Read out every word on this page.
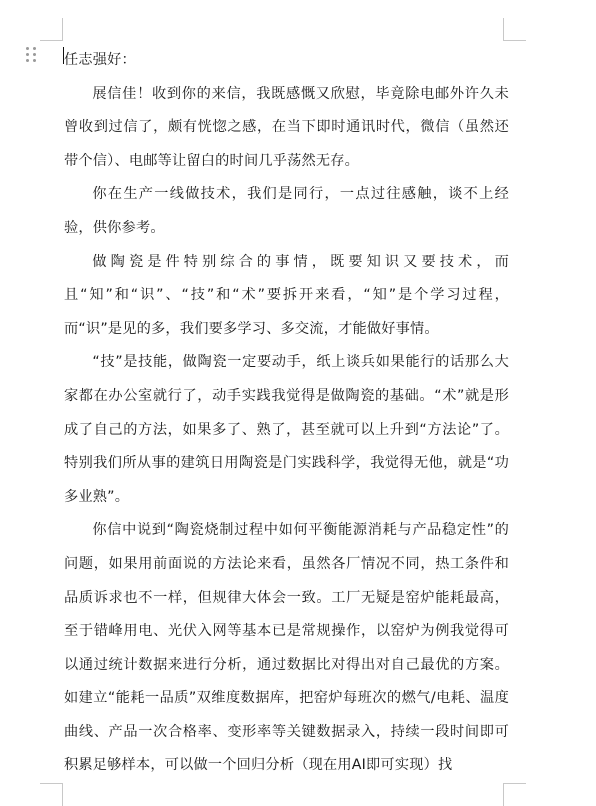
任志强好：

展信佳！收到你的来信，我既感慨又欣慰，毕竟除电邮外许久未曾收到过信了，颇有恍惚之感，在当下即时通讯时代，微信（虽然还带个信）、电邮等让留白的时间几乎荡然无存。

你在生产一线做技术，我们是同行，一点过往感触，谈不上经验，供你参考。

做陶瓷是件特别综合的事情，既要知识又要技术，而且“知”和“识”、“技”和“术”要拆开来看，“知”是个学习过程，而“识”是见的多，我们要多学习、多交流，才能做好事情。

“技”是技能，做陶瓷一定要动手，纸上谈兵如果能行的话那么大家都在办公室就行了，动手实践我觉得是做陶瓷的基础。“术”就是形成了自己的方法，如果多了、熟了，甚至就可以上升到“方法论”了。特别我们所从事的建筑日用陶瓷是门实践科学，我觉得无他，就是“功多业熟”。

你信中说到“陶瓷烧制过程中如何平衡能源消耗与产品稳定性”的问题，如果用前面说的方法论来看，虽然各厂情况不同，热工条件和品质诉求也不一样，但规律大体会一致。工厂无疑是窑炉能耗最高，至于错峰用电、光伏入网等基本已是常规操作，以窑炉为例我觉得可以通过统计数据来进行分析，通过数据比对得出对自己最优的方案。如建立“能耗一品质”双维度数据库，把窑炉每班次的燃气/电耗、温度曲线、产品一次合格率、变形率等关键数据录入，持续一段时间即可积累足够样本，可以做一个回归分析（现在用AI即可实现）找
